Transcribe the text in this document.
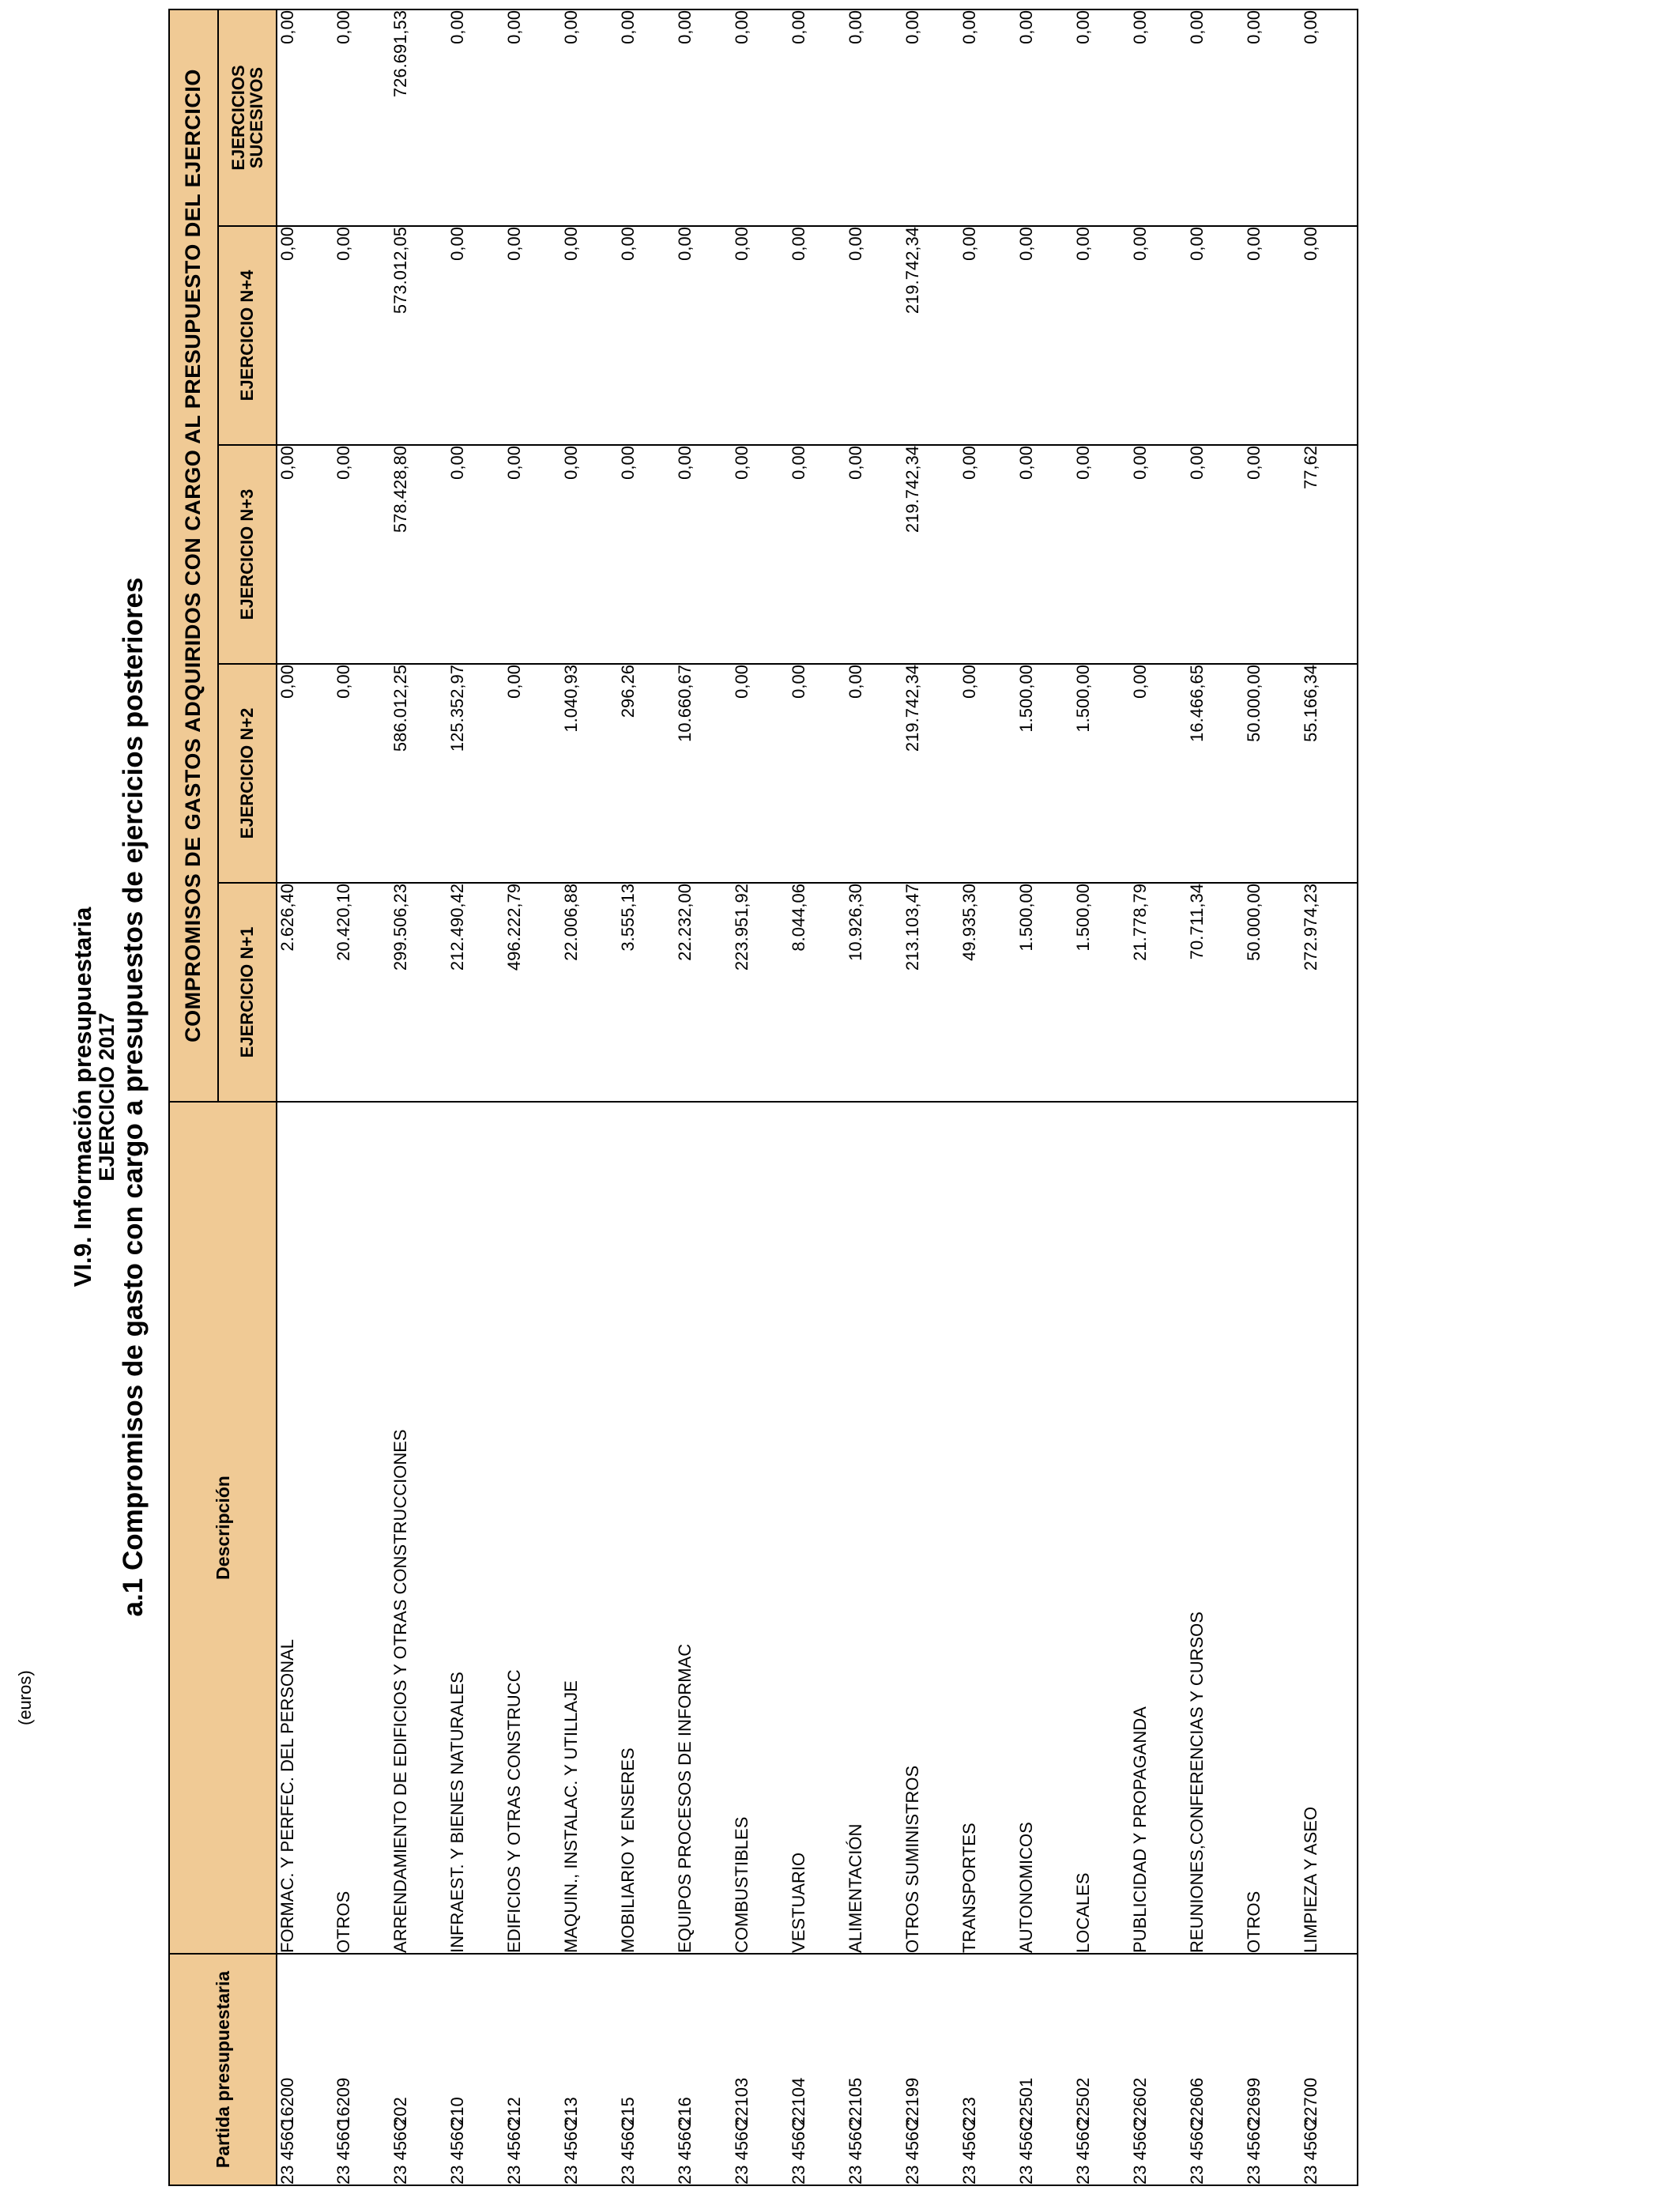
VI.9. Información presupuestaria
EJERCICIO 2017 a.1 Compromisos de gasto con cargo a presupuestos de ejercicios posteriores
(euros)
Partida presupuestaria	Descripción	COMPROMISOS DE GASTOS ADQUIRIDOS CON CARGO AL PRESUPUESTO DEL EJERCICIO				
		EJERCICIO N+1	EJERCICIO N+2	EJERCICIO N+3	EJERCICIO N+4	EJERCICIOS
SUCESIVOS

23 456C16200	FORMAC. Y PERFEC. DEL PERSONAL	2.626,40	0,00	0,00	0,00	0,00
23 456C16209	OTROS	20.420,10	0,00	0,00	0,00	0,00
23 456C202	ARRENDAMIENTO DE EDIFICIOS Y OTRAS CONSTRUCCIONES	299.506,23	586.012,25	578.428,80	573.012,05	726.691,53
23 456C210	INFRAEST. Y BIENES NATURALES	212.490,42	125.352,97	0,00	0,00	0,00
23 456C212	EDIFICIOS Y OTRAS CONSTRUCC	496.222,79	0,00	0,00	0,00	0,00
23 456C213	MAQUIN., INSTALAC. Y UTILLAJE	22.006,88	1.040,93	0,00	0,00	0,00
23 456C215	MOBILIARIO Y ENSERES	3.555,13	296,26	0,00	0,00	0,00
23 456C216	EQUIPOS PROCESOS DE INFORMAC	22.232,00	10.660,67	0,00	0,00	0,00
23 456C22103	COMBUSTIBLES	223.951,92	0,00	0,00	0,00	0,00
23 456C22104	VESTUARIO	8.044,06	0,00	0,00	0,00	0,00
23 456C22105	ALIMENTACIÓN	10.926,30	0,00	0,00	0,00	0,00
23 456C22199	OTROS SUMINISTROS	213.103,47	219.742,34	219.742,34	219.742,34	0,00
23 456C223	TRANSPORTES	49.935,30	0,00	0,00	0,00	0,00
23 456C22501	AUTONOMICOS	1.500,00	1.500,00	0,00	0,00	0,00
23 456C22502	LOCALES	1.500,00	1.500,00	0,00	0,00	0,00
23 456C22602	PUBLICIDAD Y PROPAGANDA	21.778,79	0,00	0,00	0,00	0,00
23 456C22606	REUNIONES,CONFERENCIAS Y CURSOS	70.711,34	16.466,65	0,00	0,00	0,00
23 456C22699	OTROS	50.000,00	50.000,00	0,00	0,00	0,00
23 456C22700	LIMPIEZA Y ASEO	272.974,23	55.166,34	77,62	0,00	0,00
